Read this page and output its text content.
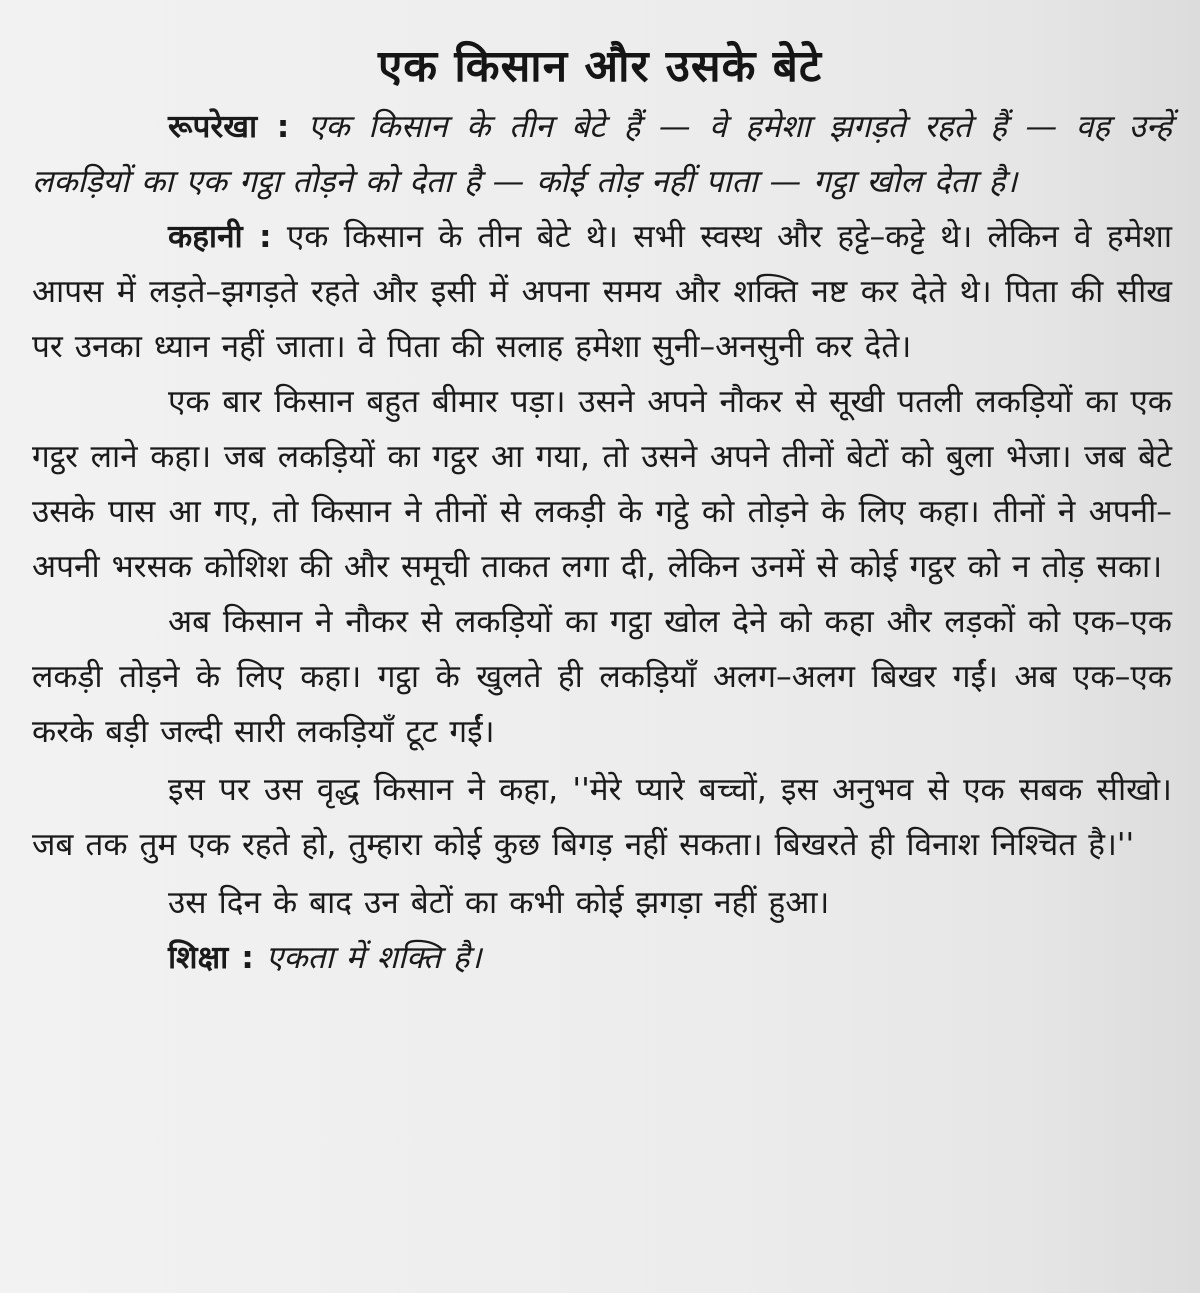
एक किसान और उसके बेटे

रूपरेखा : एक किसान के तीन बेटे हैं — वे हमेशा झगड़ते रहते हैं — वह उन्हें लकड़ियों का एक गट्ठा तोड़ने को देता है — कोई तोड़ नहीं पाता — गट्ठा खोल देता है।

कहानी : एक किसान के तीन बेटे थे। सभी स्वस्थ और हट्टे–कट्टे थे। लेकिन वे हमेशा आपस में लड़ते–झगड़ते रहते और इसी में अपना समय और शक्ति नष्ट कर देते थे। पिता की सीख पर उनका ध्यान नहीं जाता। वे पिता की सलाह हमेशा सुनी–अनसुनी कर देते।

एक बार किसान बहुत बीमार पड़ा। उसने अपने नौकर से सूखी पतली लकड़ियों का एक गट्ठर लाने कहा। जब लकड़ियों का गट्ठर आ गया, तो उसने अपने तीनों बेटों को बुला भेजा। जब बेटे उसके पास आ गए, तो किसान ने तीनों से लकड़ी के गट्ठे को तोड़ने के लिए कहा। तीनों ने अपनी–अपनी भरसक कोशिश की और समूची ताकत लगा दी, लेकिन उनमें से कोई गट्ठर को न तोड़ सका।

अब किसान ने नौकर से लकड़ियों का गट्ठा खोल देने को कहा और लड़कों को एक–एक लकड़ी तोड़ने के लिए कहा। गट्ठा के खुलते ही लकड़ियाँ अलग–अलग बिखर गईं। अब एक–एक करके बड़ी जल्दी सारी लकड़ियाँ टूट गईं।

इस पर उस वृद्ध किसान ने कहा, ''मेरे प्यारे बच्चों, इस अनुभव से एक सबक सीखो। जब तक तुम एक रहते हो, तुम्हारा कोई कुछ बिगड़ नहीं सकता। बिखरते ही विनाश निश्चित है।''

उस दिन के बाद उन बेटों का कभी कोई झगड़ा नहीं हुआ।

शिक्षा : एकता में शक्ति है।
